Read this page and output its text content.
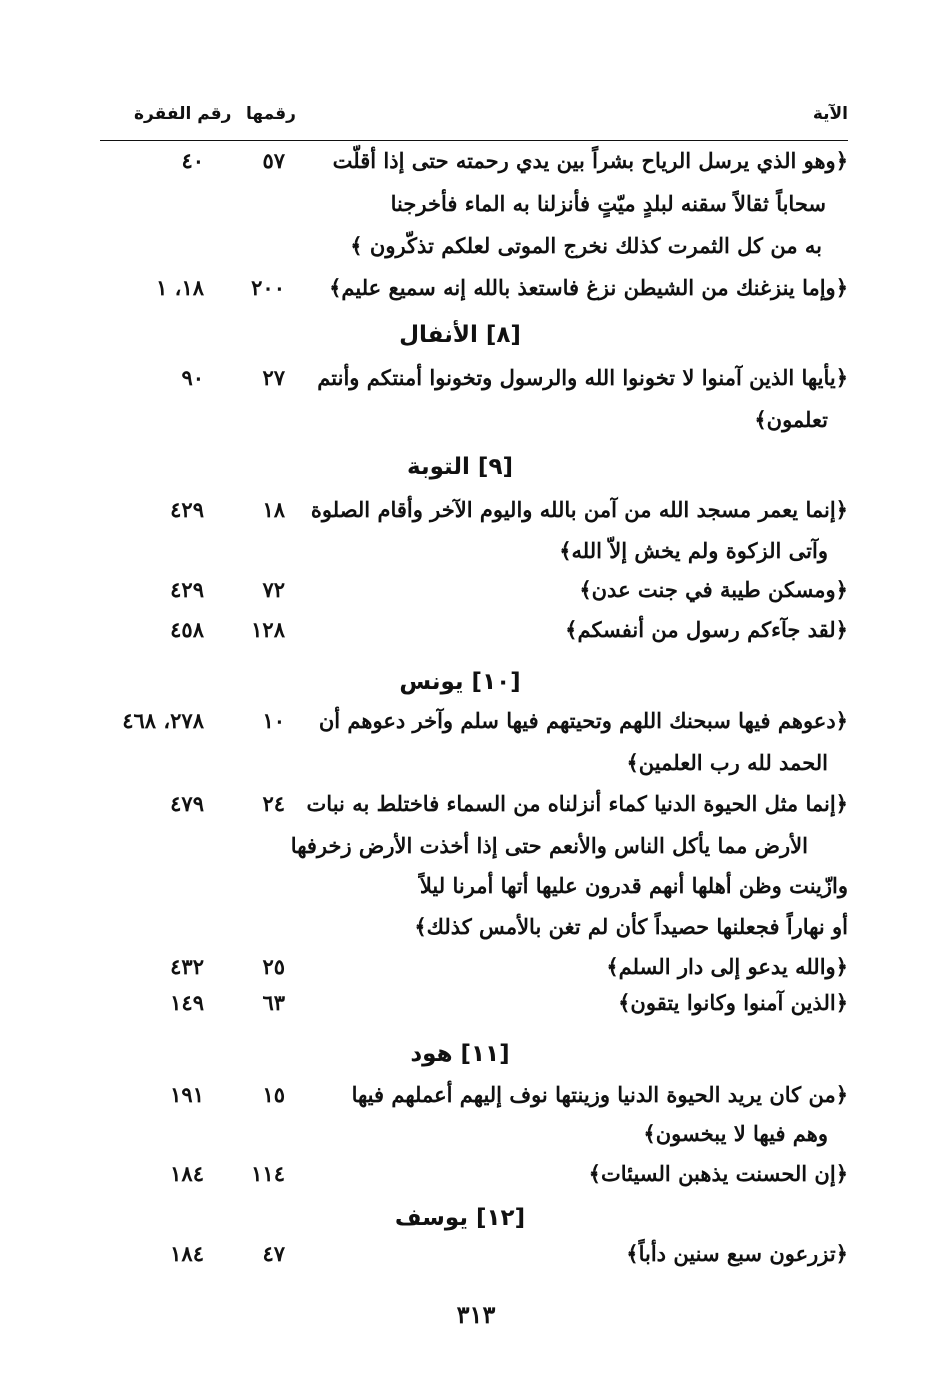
الآية
رقمها
رقم الفقرة
﴿وهو الذي يرسل الرياح بشراً بين يدي رحمته حتى إذا أقلّت
٥٧
٤٠
سحاباً ثقالاً سقنه لبلدٍ ميّتٍ فأنزلنا به الماء فأخرجنا
به من كل الثمرت كذلك نخرج الموتى لعلكم تذكّرون ﴾
﴿وإما ينزغنك من الشيطن نزغ فاستعذ بالله إنه سميع عليم﴾
٢٠٠
١٨، ١
[٨] الأنفال
﴿يأيها الذين آمنوا لا تخونوا الله والرسول وتخونوا أمنتكم وأنتم
٢٧
٩٠
تعلمون﴾
[٩] التوبة
﴿إنما يعمر مسجد الله من آمن بالله واليوم الآخر وأقام الصلوة
١٨
٤٢٩
وآتى الزكوة ولم يخش إلاّ الله﴾
﴿ومسكن طيبة في جنت عدن﴾
٧٢
٤٢٩
﴿لقد جآءكم رسول من أنفسكم﴾
١٢٨
٤٥٨
[١٠] يونس
﴿دعوهم فيها سبحنك اللهم وتحيتهم فيها سلم وآخر دعوهم أن
١٠
٢٧٨، ٤٦٨
الحمد لله رب العلمين﴾
﴿إنما مثل الحيوة الدنيا كماء أنزلناه من السماء فاختلط به نبات
٢٤
٤٧٩
الأرض مما يأكل الناس والأنعم حتى إذا أخذت الأرض زخرفها
وازّينت وظن أهلها أنهم قدرون عليها أتها أمرنا ليلاً
أو نهاراً فجعلنها حصيداً كأن لم تغن بالأمس كذلك﴾
﴿والله يدعو إلى دار السلم﴾
٢٥
٤٣٢
﴿الذين آمنوا وكانوا يتقون﴾
٦٣
١٤٩
[١١] هود
﴿من كان يريد الحيوة الدنيا وزينتها نوف إليهم أعملهم فيها
١٥
١٩١
وهم فيها لا يبخسون﴾
﴿إن الحسنت يذهبن السيئات﴾
١١٤
١٨٤
[١٢] يوسف
﴿تزرعون سبع سنين دأباً﴾
٤٧
١٨٤
٣١٣
